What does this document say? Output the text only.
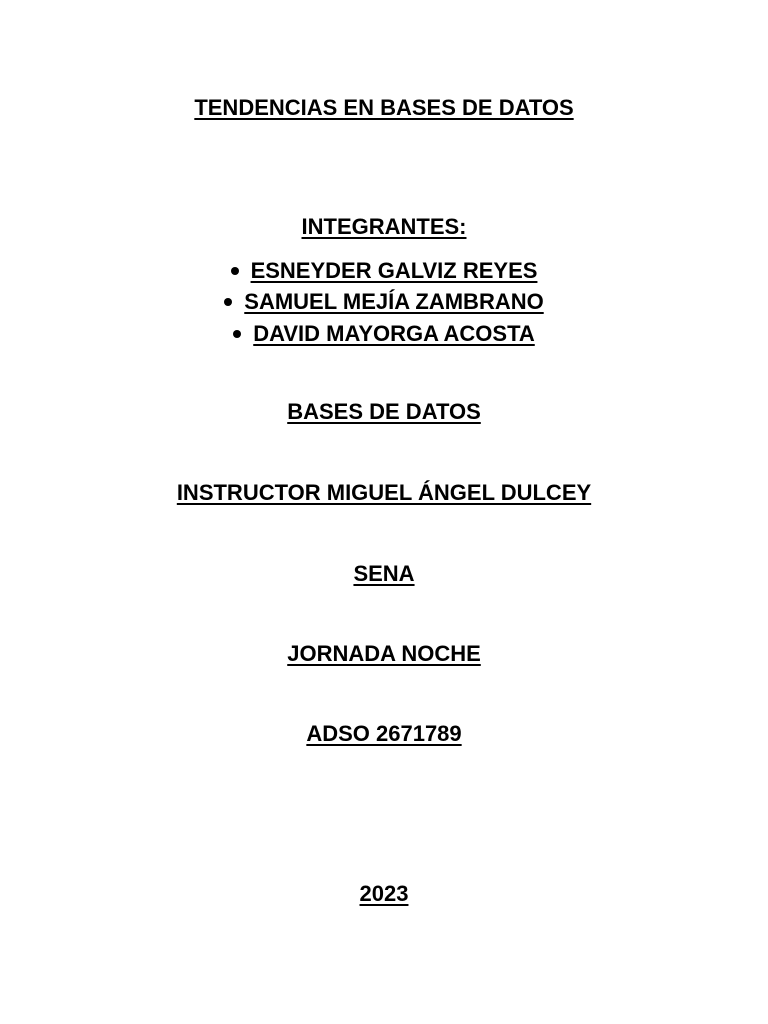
TENDENCIAS EN BASES DE DATOS
INTEGRANTES:
ESNEYDER GALVIZ REYES
SAMUEL MEJÍA ZAMBRANO
DAVID MAYORGA ACOSTA
BASES DE DATOS
INSTRUCTOR MIGUEL ÁNGEL DULCEY
SENA
JORNADA NOCHE
ADSO 2671789
2023
